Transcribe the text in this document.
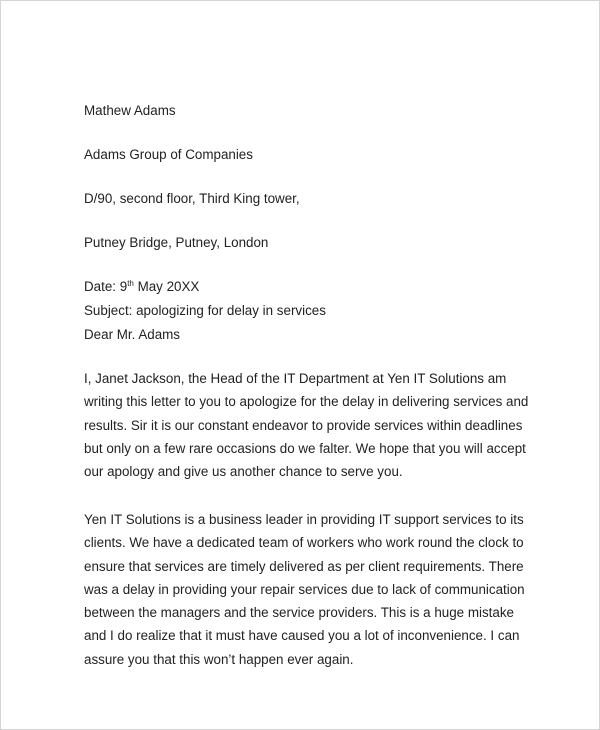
Mathew Adams
Adams Group of Companies
D/90, second floor, Third King tower,
Putney Bridge, Putney, London
Date: 9th May 20XX
Subject: apologizing for delay in services
Dear Mr. Adams

I, Janet Jackson, the Head of the IT Department at Yen IT Solutions am
writing this letter to you to apologize for the delay in delivering services and
results. Sir it is our constant endeavor to provide services within deadlines
but only on a few rare occasions do we falter. We hope that you will accept
our apology and give us another chance to serve you.

Yen IT Solutions is a business leader in providing IT support services to its
clients. We have a dedicated team of workers who work round the clock to
ensure that services are timely delivered as per client requirements. There
was a delay in providing your repair services due to lack of communication
between the managers and the service providers. This is a huge mistake
and I do realize that it must have caused you a lot of inconvenience. I can
assure you that this won’t happen ever again.
